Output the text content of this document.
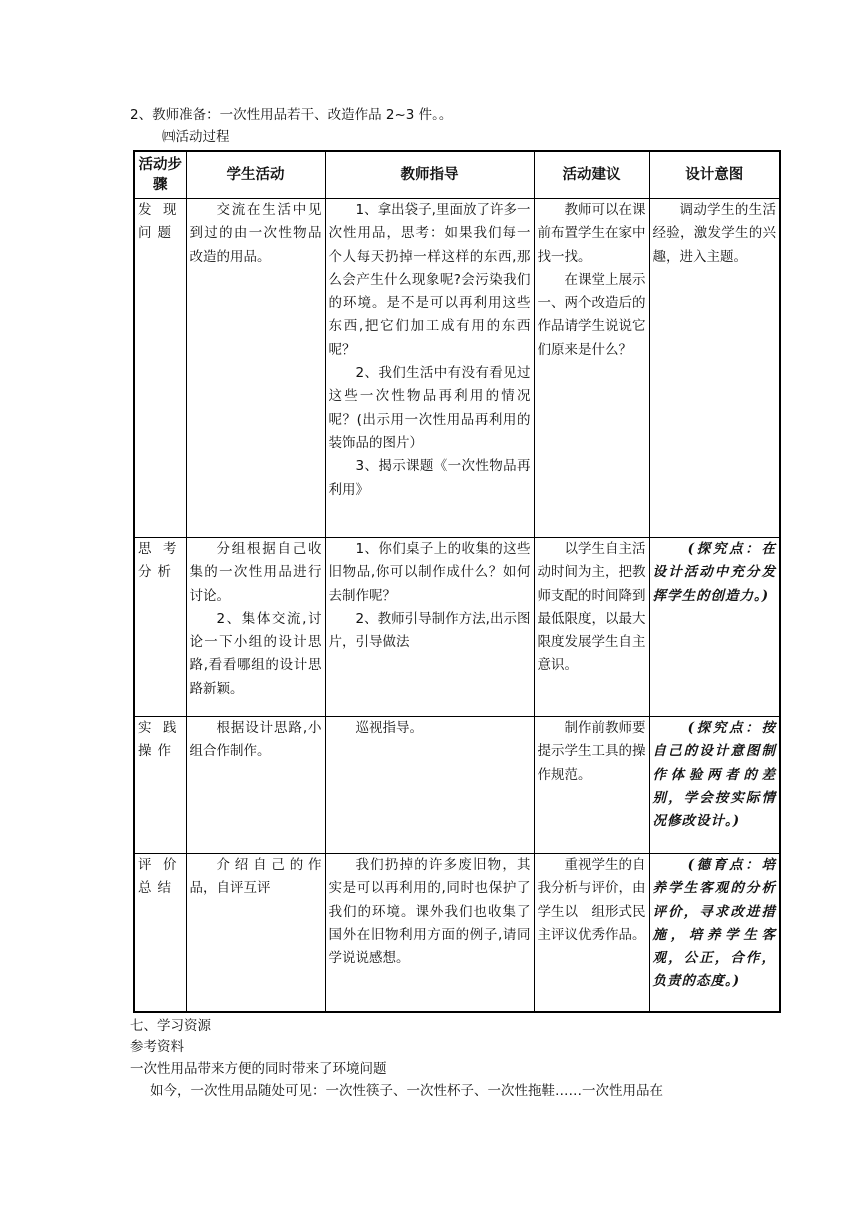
2、教师准备：一次性用品若干、改造作品 2~3 件。。
㈣活动过程
活动步骤	学生活动	教师指导	活动建议	设计意图
发现问题	交流在生活中见到过的由一次性物品改造的用品。	1、拿出袋子,里面放了许多一次性用品，思考：如果我们每一个人每天扔掉一样这样的东西,那么会产生什么现象呢?会污染我们的环境。是不是可以再利用这些东西,把它们加工成有用的东西呢？
2、我们生活中有没有看见过这些一次性物品再利用的情况呢？(出示用一次性用品再利用的装饰品的图片）
3、揭示课题《一次性物品再利用》	教师可以在课前布置学生在家中找一找。
在课堂上展示一、两个改造后的作品请学生说说它们原来是什么？	调动学生的生活经验，激发学生的兴趣，进入主题。

思考分析	分组根据自己收集的一次性用品进行讨论。
2、集体交流,讨论一下小组的设计思路,看看哪组的设计思路新颖。	1、你们桌子上的收集的这些旧物品,你可以制作成什么？如何去制作呢？
2、教师引导制作方法,出示图片，引导做法	以学生自主活动时间为主，把教师支配的时间降到最低限度，以最大限度发展学生自主意识。	(探究点：在设计活动中充分发挥学生的创造力。)

实践操作	根据设计思路,小组合作制作。	巡视指导。	制作前教师要提示学生工具的操作规范。	(探究点：按自己的设计意图制作体验两者的差别，学会按实际情况修改设计。)

评价总结	介绍自己的作品，自评互评	我们扔掉的许多废旧物，其实是可以再利用的,同时也保护了我们的环境。课外我们也收集了国外在旧物利用方面的例子,请同学说说感想。	重视学生的自我分析与评价，由学生以　组形式民主评议优秀作品。	(德育点：培养学生客观的分析评价，寻求改进措施，培养学生客观，公正，合作，负责的态度。)
七、学习资源
参考资料
一次性用品带来方便的同时带来了环境问题
如今，一次性用品随处可见：一次性筷子、一次性杯子、一次性拖鞋……一次性用品在
